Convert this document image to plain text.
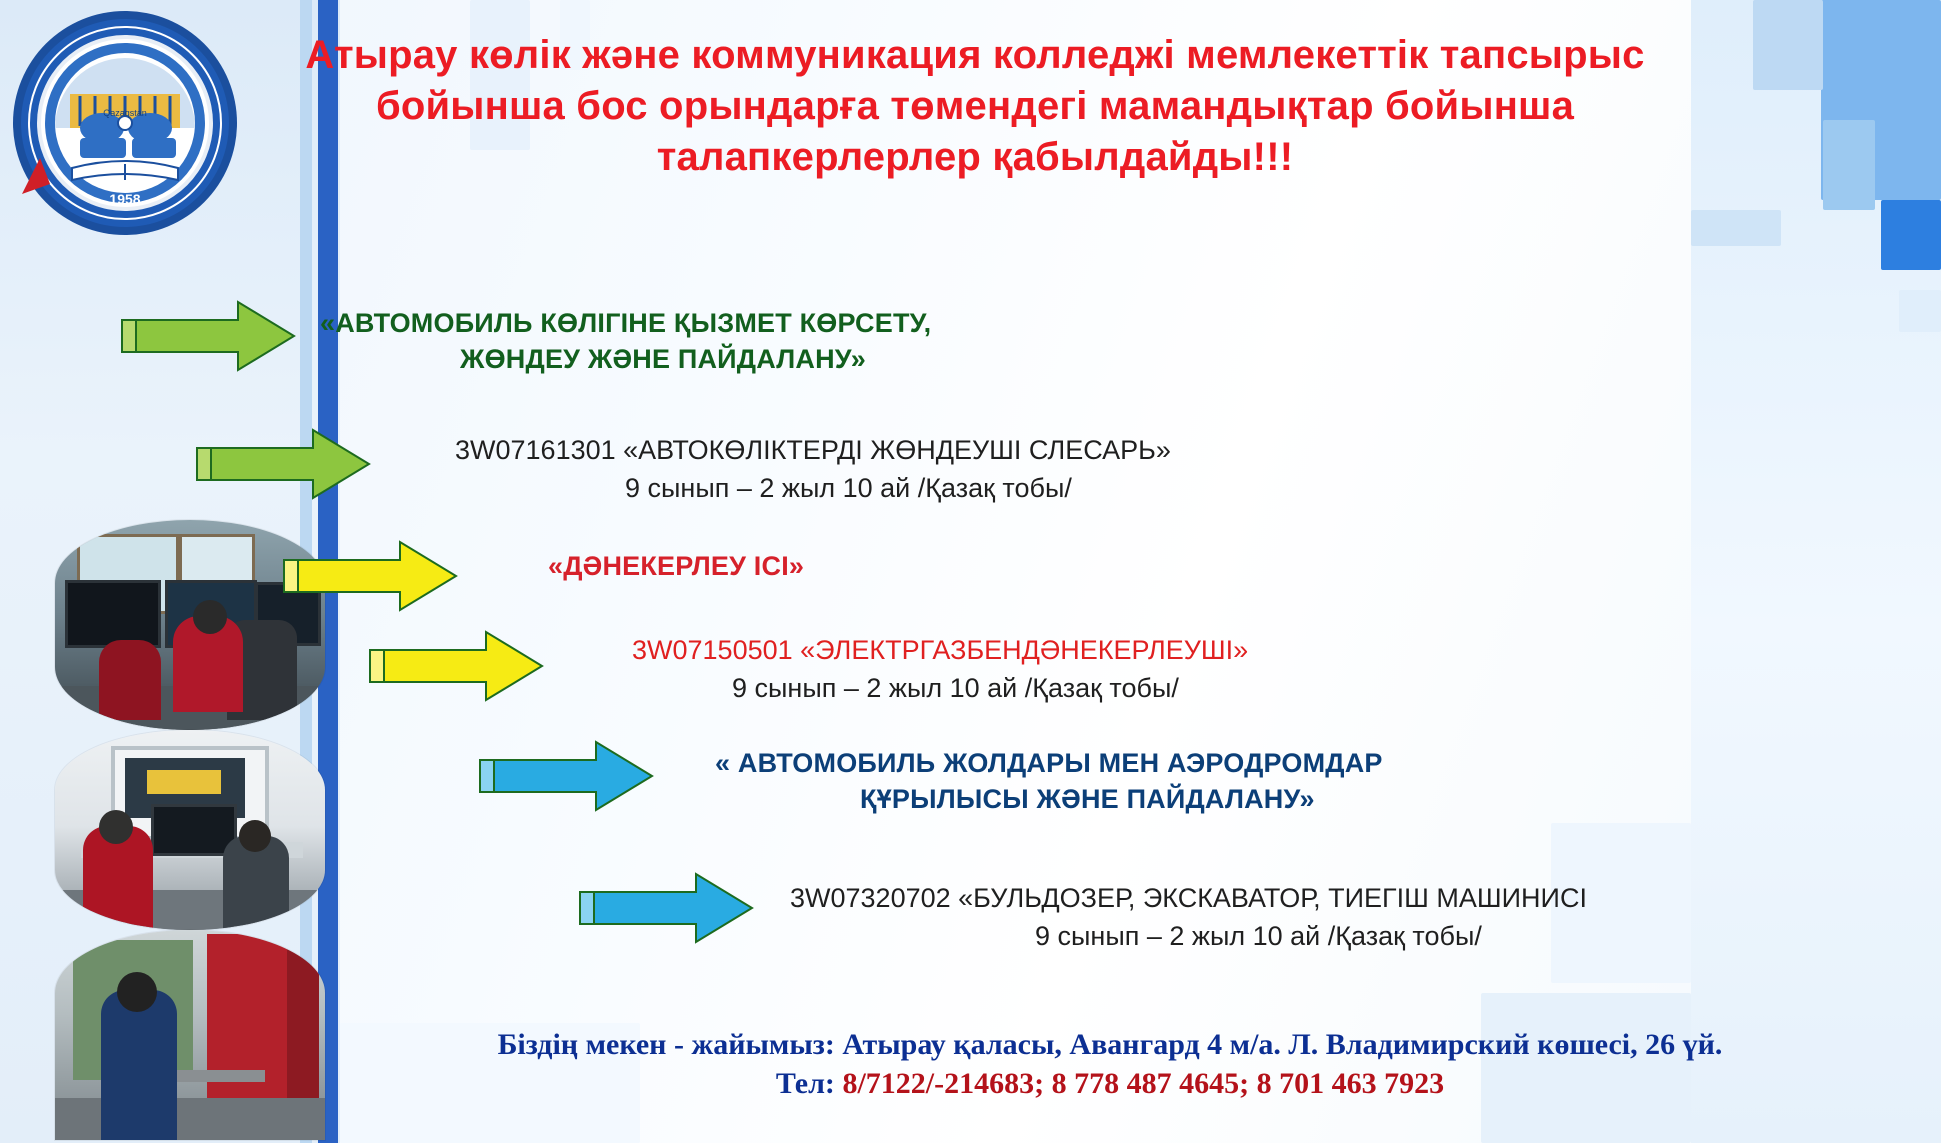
1958
Qazaqstan
Атырау көлік және коммуникация колледжі мемлекеттік тапсырыс бойынша бос орындарға төмендегі мамандықтар бойынша талапкерлерлер қабылдайды!!!
«АВТОМОБИЛЬ КӨЛІГІНЕ ҚЫЗМЕТ КӨРСЕТУ,
ЖӨНДЕУ ЖӘНЕ ПАЙДАЛАНУ»
3W07161301 «АВТОКӨЛІКТЕРДІ ЖӨНДЕУШІ СЛЕСАРЬ»
9 сынып – 2 жыл 10 ай /Қазақ тобы/
«ДӘНЕКЕРЛЕУ ІСІ»
3W07150501 «ЭЛЕКТРГАЗБЕНДӘНЕКЕРЛЕУШІ»
9 сынып – 2 жыл 10 ай /Қазақ тобы/
« АВТОМОБИЛЬ ЖОЛДАРЫ МЕН АЭРОДРОМДАР
ҚҰРЫЛЫСЫ ЖӘНЕ ПАЙДАЛАНУ»
3W07320702 «БУЛЬДОЗЕР, ЭКСКАВАТОР, ТИЕГІШ МАШИНИСІ
9 сынып – 2 жыл 10 ай /Қазақ тобы/
Біздің мекен - жайымыз: Атырау қаласы, Авангард 4 м/а. Л. Владимирский көшесі, 26 үй.
Тел: 8/7122/-214683; 8 778 487 4645; 8 701 463 7923
